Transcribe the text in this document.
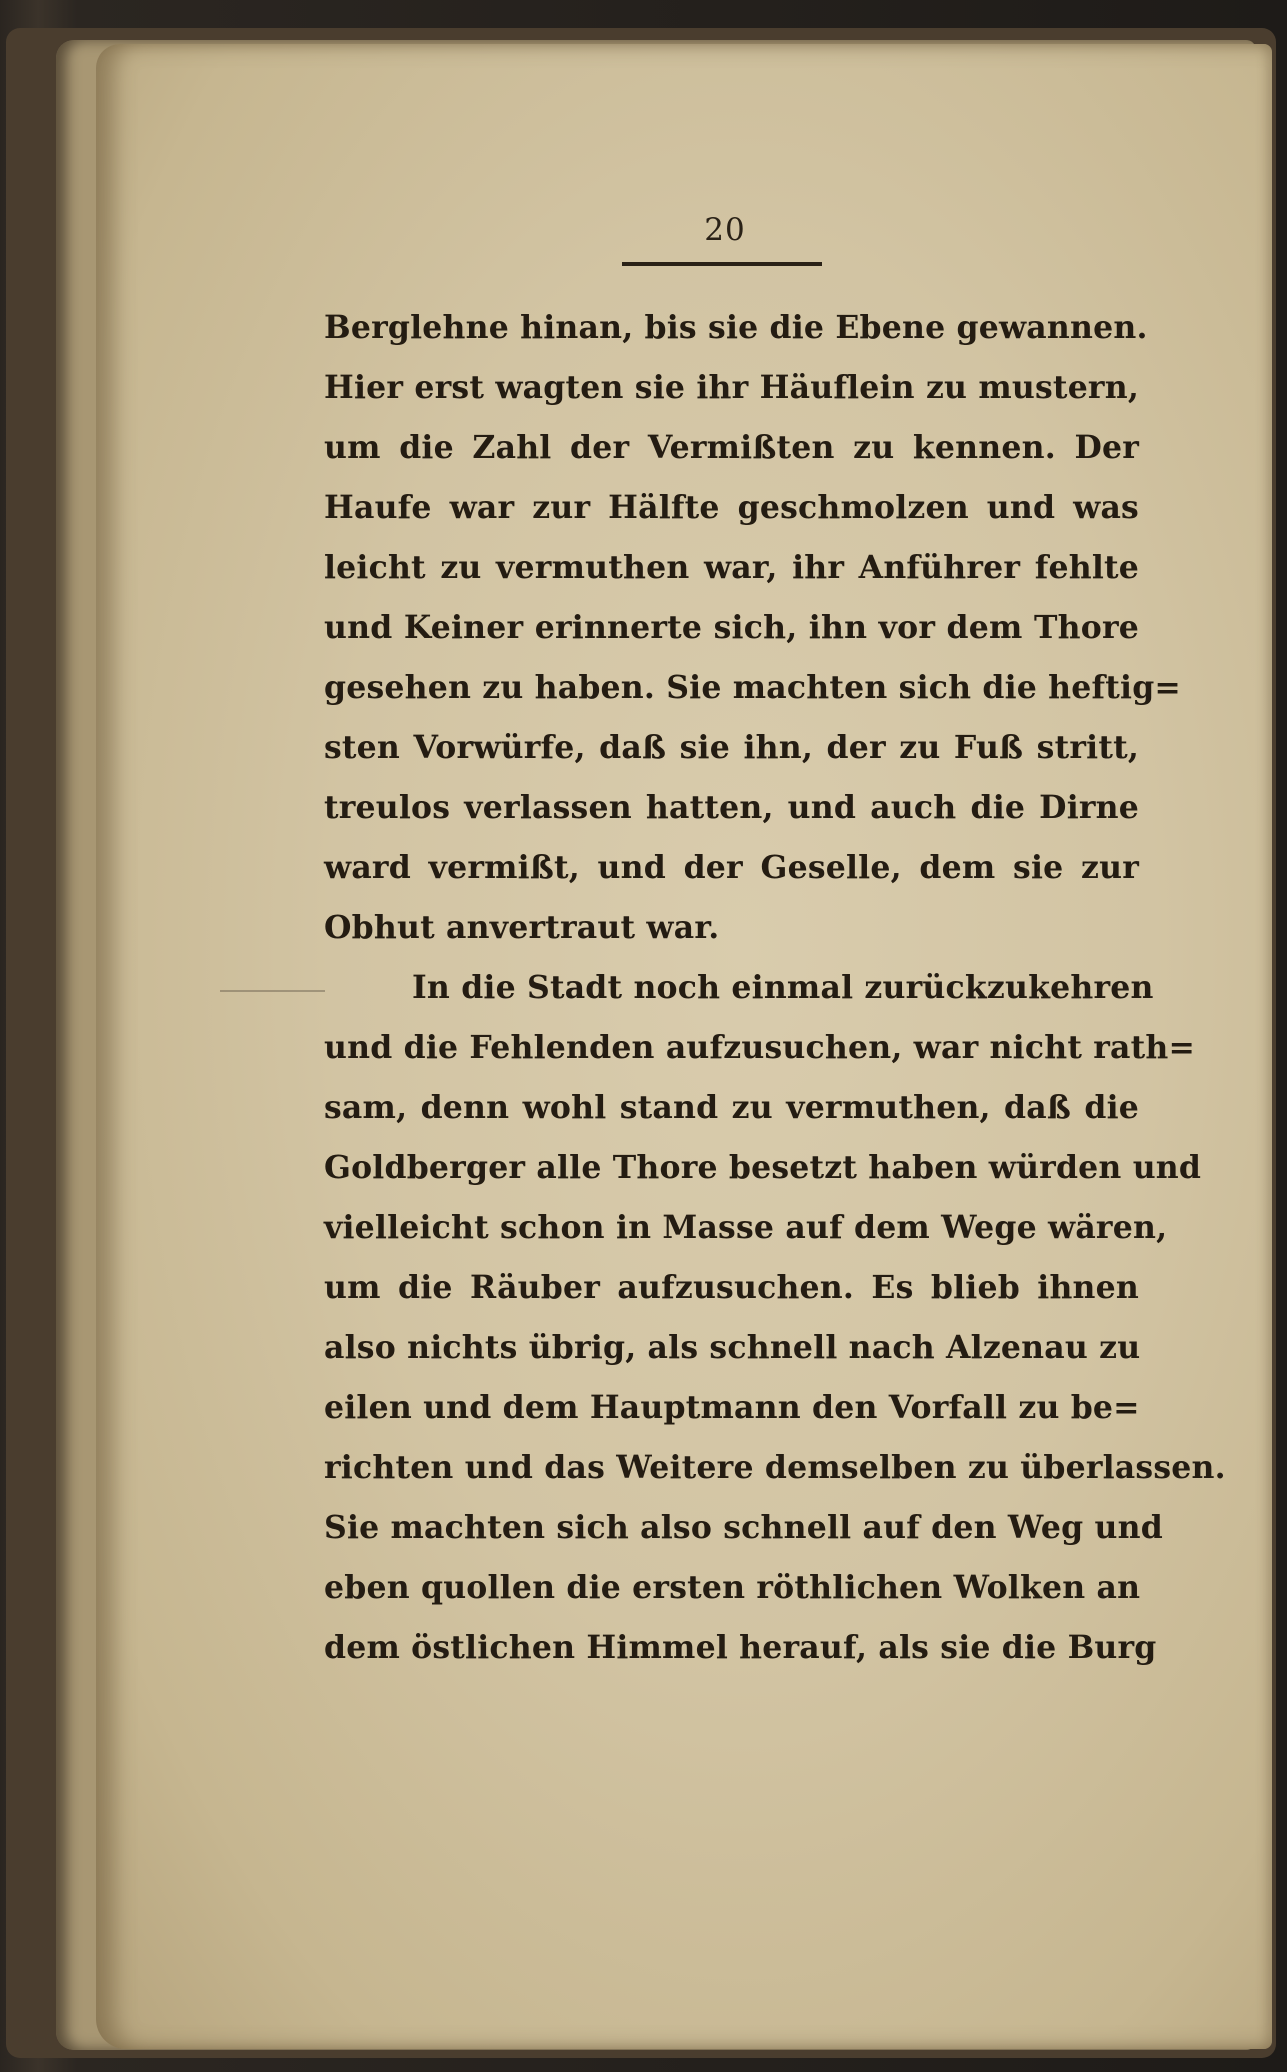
20
Berglehne hinan, bis sie die Ebene gewannen.
Hier erst wagten sie ihr Häuflein zu mustern,
um die Zahl der Vermißten zu kennen. Der
Haufe war zur Hälfte geschmolzen und was
leicht zu vermuthen war, ihr Anführer fehlte
und Keiner erinnerte sich, ihn vor dem Thore
gesehen zu haben. Sie machten sich die heftig=
sten Vorwürfe, daß sie ihn, der zu Fuß stritt,
treulos verlassen hatten, und auch die Dirne
ward vermißt, und der Geselle, dem sie zur
Obhut anvertraut war.
In die Stadt noch einmal zurückzukehren
und die Fehlenden aufzusuchen, war nicht rath=
sam, denn wohl stand zu vermuthen, daß die
Goldberger alle Thore besetzt haben würden und
vielleicht schon in Masse auf dem Wege wären,
um die Räuber aufzusuchen. Es blieb ihnen
also nichts übrig, als schnell nach Alzenau zu
eilen und dem Hauptmann den Vorfall zu be=
richten und das Weitere demselben zu überlassen.
Sie machten sich also schnell auf den Weg und
eben quollen die ersten röthlichen Wolken an
dem östlichen Himmel herauf, als sie die Burg
